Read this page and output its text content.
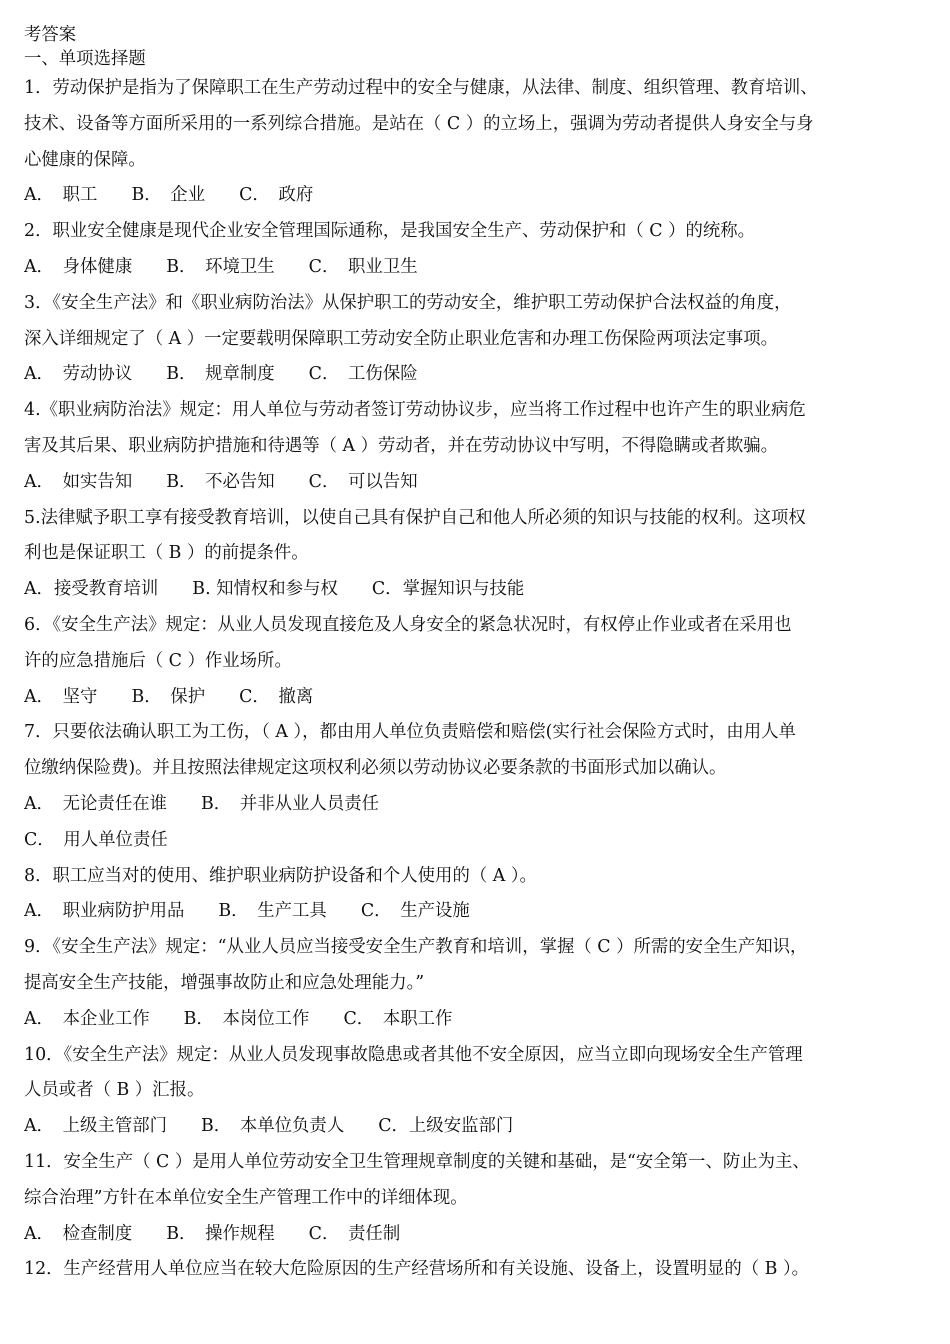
考答案
一、单项选择题
1．劳动保护是指为了保障职工在生产劳动过程中的安全与健康，从法律、制度、组织管理、教育培训、
技术、设备等方面所采用的一系列综合措施。是站在（ C ）的立场上，强调为劳动者提供人身安全与身
心健康的保障。
A．　职工 B．　企业 C．　政府
2．职业安全健康是现代企业安全管理国际通称，是我国安全生产、劳动保护和（ C ）的统称。
A．　身体健康 B．　环境卫生 C．　职业卫生
3．《安全生产法》和《职业病防治法》从保护职工的劳动安全，维护职工劳动保护合法权益的角度，
深入详细规定了（ A ）一定要载明保障职工劳动安全防止职业危害和办理工伤保险两项法定事项。
A．　劳动协议 B．　规章制度 C．　工伤保险
4.《职业病防治法》规定：用人单位与劳动者签订劳动协议步，应当将工作过程中也许产生的职业病危
害及其后果、职业病防护措施和待遇等（ A ）劳动者，并在劳动协议中写明，不得隐瞒或者欺骗。
A．　如实告知 B．　不必告知 C．　可以告知
5.法律赋予职工享有接受教育培训，以使自己具有保护自己和他人所必须的知识与技能的权利。这项权
利也是保证职工（ B ）的前提条件。
A．接受教育培训 B. 知情权和参与权 C．掌握知识与技能
6．《安全生产法》规定：从业人员发现直接危及人身安全的紧急状况时，有权停止作业或者在采用也
许的应急措施后（ C ）作业场所。
A．　坚守 B．　保护 C．　撤离
7．只要依法确认职工为工伤，（ A ），都由用人单位负责赔偿和赔偿(实行社会保险方式时，由用人单
位缴纳保险费)。并且按照法律规定这项权利必须以劳动协议必要条款的书面形式加以确认。
A．　无论责任在谁 B．　并非从业人员责任
C．　用人单位责任
8．职工应当对的使用、维护职业病防护设备和个人使用的（ A ）。
A．　职业病防护用品 B．　生产工具 C．　生产设施
9．《安全生产法》规定：“从业人员应当接受安全生产教育和培训，掌握（ C ）所需的安全生产知识，
提高安全生产技能，增强事故防止和应急处理能力。”
A．　本企业工作 B．　本岗位工作 C．　本职工作
10．《安全生产法》规定：从业人员发现事故隐患或者其他不安全原因，应当立即向现场安全生产管理
人员或者（ B ）汇报。
A．　上级主管部门 B．　本单位负责人 C．上级安监部门
11．安全生产（ C ）是用人单位劳动安全卫生管理规章制度的关键和基础，是“安全第一、防止为主、
综合治理”方针在本单位安全生产管理工作中的详细体现。
A．　检查制度 B．　操作规程 C．　责任制
12．生产经营用人单位应当在较大危险原因的生产经营场所和有关设施、设备上，设置明显的（ B ）。
